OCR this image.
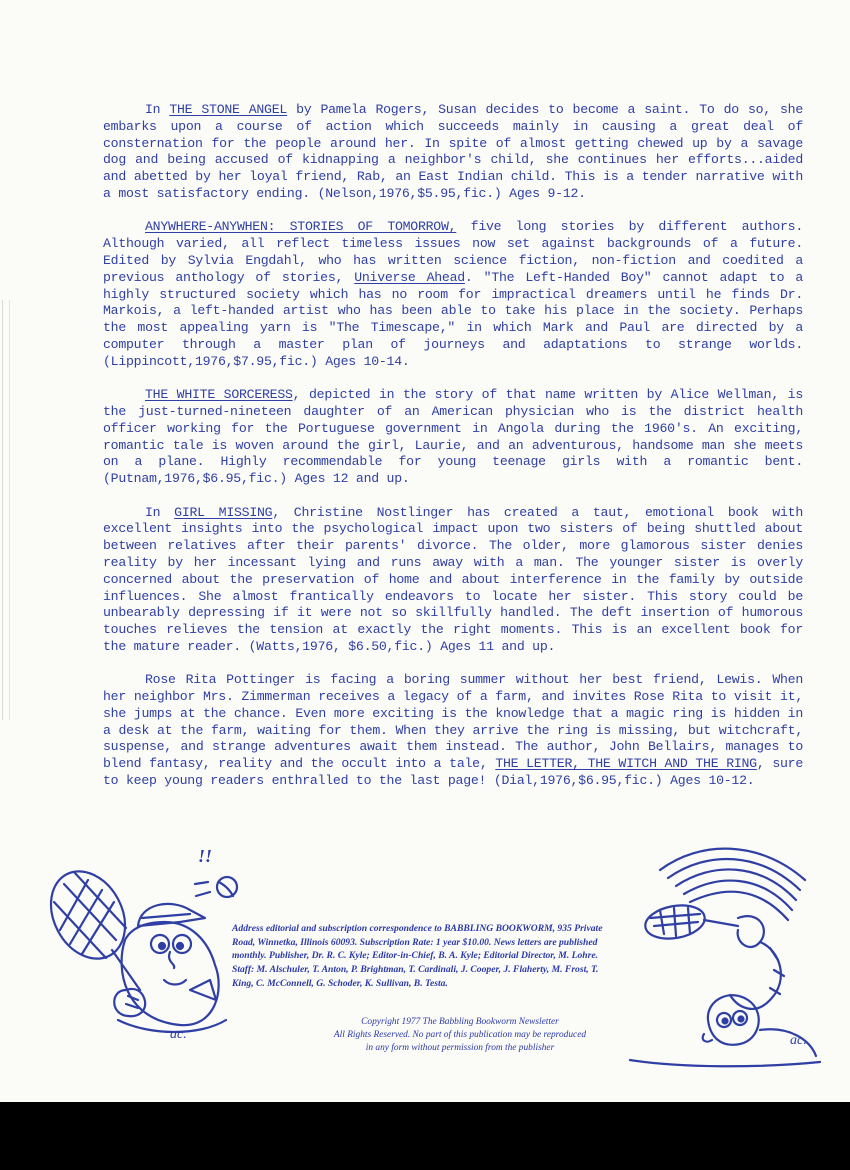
In THE STONE ANGEL by Pamela Rogers, Susan decides to become a saint. To do so, she embarks upon a course of action which succeeds mainly in causing a great deal of consternation for the people around her. In spite of almost getting chewed up by a savage dog and being accused of kidnapping a neighbor's child, she continues her efforts...aided and abetted by her loyal friend, Rab, an East Indian child. This is a tender narrative with a most satisfactory ending. (Nelson,1976,$5.95,fic.) Ages 9-12.

ANYWHERE-ANYWHEN: STORIES OF TOMORROW, five long stories by different authors. Although varied, all reflect timeless issues now set against backgrounds of a future. Edited by Sylvia Engdahl, who has written science fiction, non-fiction and coedited a previous anthology of stories, Universe Ahead. "The Left-Handed Boy" cannot adapt to a highly structured society which has no room for impractical dreamers until he finds Dr. Markois, a left-handed artist who has been able to take his place in the society. Perhaps the most appealing yarn is "The Timescape," in which Mark and Paul are directed by a computer through a master plan of journeys and adaptations to strange worlds. (Lippincott,1976,$7.95,fic.) Ages 10-14.

THE WHITE SORCERESS, depicted in the story of that name written by Alice Wellman, is the just-turned-nineteen daughter of an American physician who is the district health officer working for the Portuguese government in Angola during the 1960's. An exciting, romantic tale is woven around the girl, Laurie, and an adventurous, handsome man she meets on a plane. Highly recommendable for young teenage girls with a romantic bent. (Putnam,1976,$6.95,fic.) Ages 12 and up.

In GIRL MISSING, Christine Nostlinger has created a taut, emotional book with excellent insights into the psychological impact upon two sisters of being shuttled about between relatives after their parents' divorce. The older, more glamorous sister denies reality by her incessant lying and runs away with a man. The younger sister is overly concerned about the preservation of home and about interference in the family by outside influences. She almost frantically endeavors to locate her sister. This story could be unbearably depressing if it were not so skillfully handled. The deft insertion of humorous touches relieves the tension at exactly the right moments. This is an excellent book for the mature reader. (Watts,1976, $6.50,fic.) Ages 11 and up.

Rose Rita Pottinger is facing a boring summer without her best friend, Lewis. When her neighbor Mrs. Zimmerman receives a legacy of a farm, and invites Rose Rita to visit it, she jumps at the chance. Even more exciting is the knowledge that a magic ring is hidden in a desk at the farm, waiting for them. When they arrive the ring is missing, but witchcraft, suspense, and strange adventures await them instead. The author, John Bellairs, manages to blend fantasy, reality and the occult into a tale, THE LETTER, THE WITCH AND THE RING, sure to keep young readers enthralled to the last page! (Dial,1976,$6.95,fic.) Ages 10-12.

!!
ac.	ac.

Address editorial and subscription correspondence to BABBLING BOOKWORM, 935 Private Road, Winnetka, Illinois 60093. Subscription Rate: 1 year $10.00. News letters are published monthly. Publisher, Dr. R. C. Kyle; Editor-in-Chief, B. A. Kyle; Editorial Director, M. Lohre. Staff: M. Alschuler, T. Anton, P. Brightman, T. Cardinali, J. Cooper, J. Flaherty, M. Frost, T. King, C. McConnell, G. Schoder, K. Sullivan, B. Testa.

Copyright 1977 The Babbling Bookworm Newsletter

All Rights Reserved. No part of this publication may be reproduced

in any form without permission from the publisher
